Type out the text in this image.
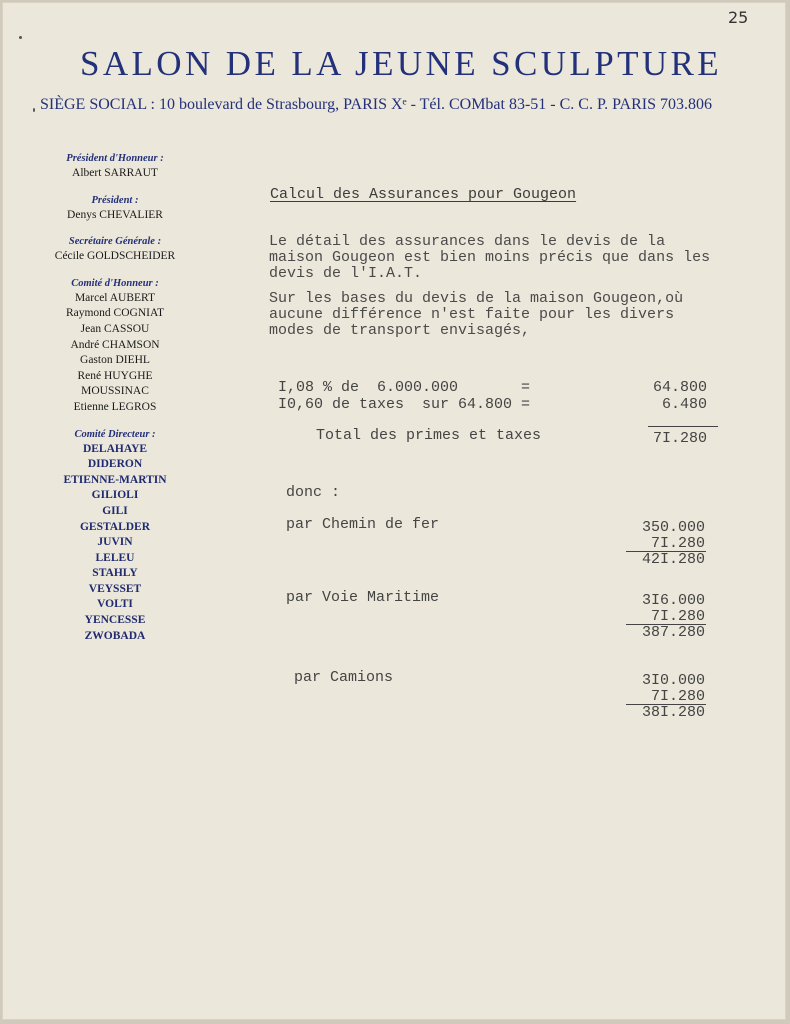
25
SALON DE LA JEUNE SCULPTURE
SIÈGE SOCIAL : 10 boulevard de Strasbourg, PARIS Xᵉ - Tél. COMbat 83-51 - C. C. P. PARIS 703.806
Président d'Honneur :
Albert SARRAUT
Président :
Denys CHEVALIER
Secrétaire Générale :
Cécile GOLDSCHEIDER
Comité d'Honneur :
Marcel AUBERT
Raymond COGNIAT
Jean CASSOU
André CHAMSON
Gaston DIEHL
René HUYGHE
MOUSSINAC
Etienne LEGROS
Comité Directeur :
DELAHAYE
DIDERON
ETIENNE-MARTIN
GILIOLI
GILI
GESTALDER
JUVIN
LELEU
STAHLY
VEYSSET
VOLTI
YENCESSE
ZWOBADA
Calcul des Assurances pour Gougeon
Le détail des assurances dans le devis de la
maison Gougeon est bien moins précis que dans les
devis de l'I.A.T.
Sur les bases du devis de la maison Gougeon,où
aucune différence n'est faite pour les divers
modes de transport envisagés,
I,08 % de  6.000.000       =	64.800
I0,60 de taxes  sur 64.800 =	6.480
Total des primes et taxes	7I.280
donc :
par Chemin de fer	350.000
7I.280
42I.280
par Voie Maritime	3I6.000
7I.280
387.280
par Camions	3I0.000
7I.280
38I.280
